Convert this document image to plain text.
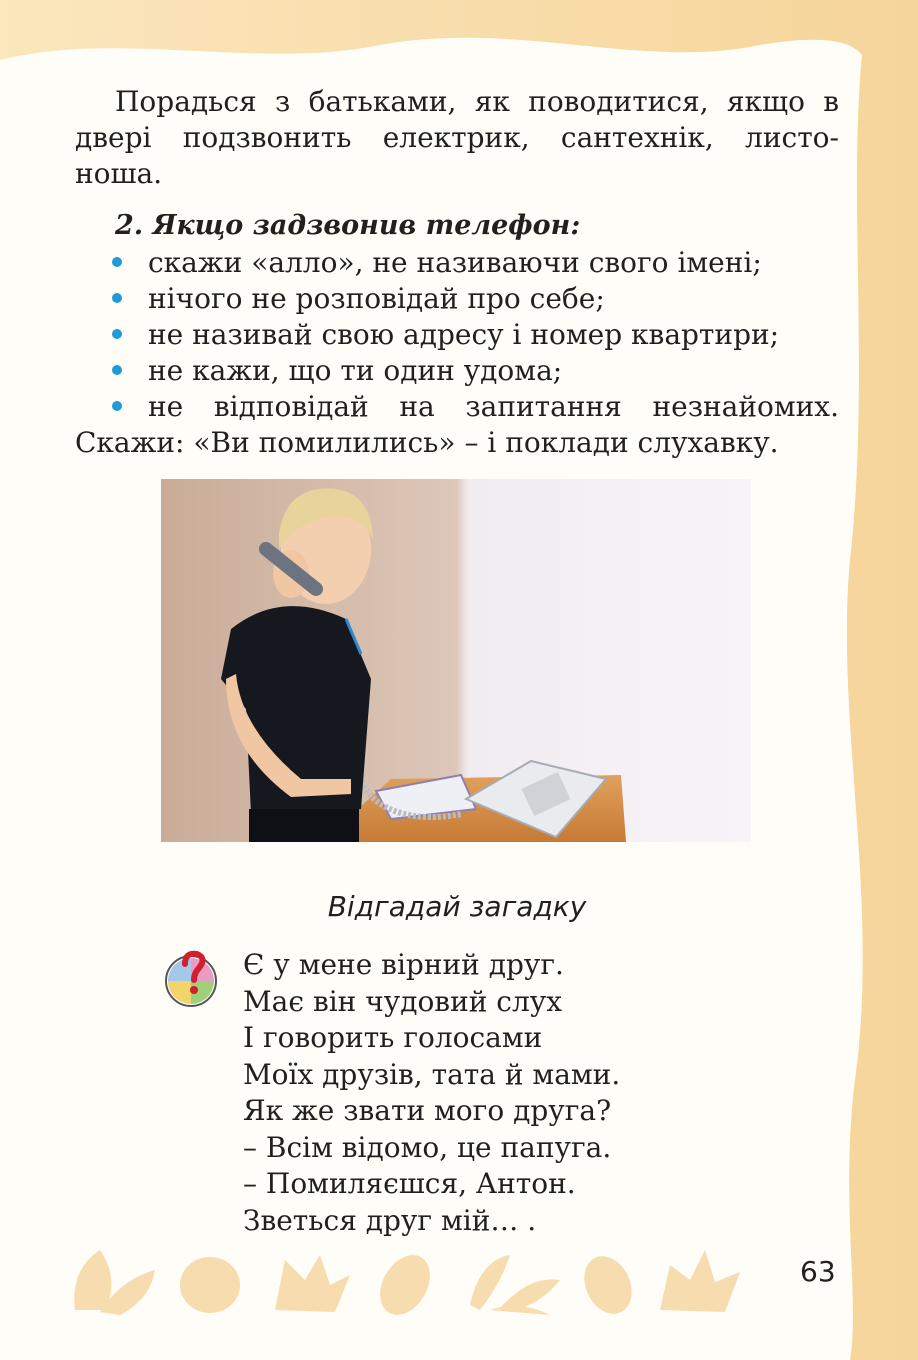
Порадься з батьками, як поводитися, якщо в
двері подзвонить електрик, сантехнік, листо-
ноша.
2. Якщо задзвонив телефон:
скажи «алло», не називаючи свого імені;
нічого не розповідай про себе;
не називай свою адресу і номер квартири;
не кажи, що ти один удома;
не відповідай на запитання незнайомих.
Скажи: «Ви помилились» – і поклади слухавку.
Відгадай загадку
Є у мене вірний друг.
Має він чудовий слух
І говорить голосами
Моїх друзів, тата й мами.
Як же звати мого друга?
– Всім відомо, це папуга.
– Помиляєшся, Антон.
Зветься друг мій… .
63
